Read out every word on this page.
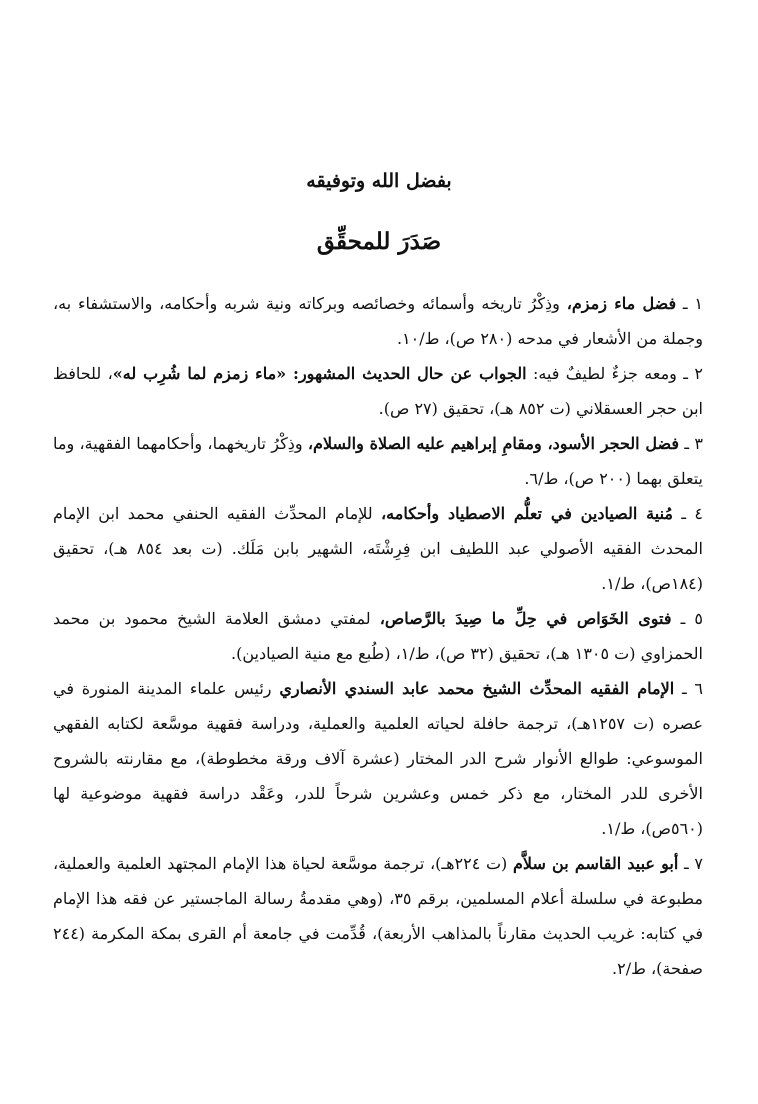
بفضل الله وتوفيقه
صَدَرَ للمحقِّق

١ ـ فضل ماء زمزم، وذِكْرُ تاريخه وأسمائه وخصائصه وبركاته ونية شربه وأحكامه، والاستشفاء به، وجملة من الأشعار في مدحه (٢٨٠ ص)، ط/١٠.

٢ ـ ومعه جزءٌ لطيفٌ فيه: الجواب عن حال الحديث المشهور: «ماء زمزم لما شُرِب له»، للحافظ ابن حجر العسقلاني (ت ٨٥٢ هـ)، تحقيق (٢٧ ص).

٣ ـ فضل الحجر الأسود، ومقامِ إبراهيم عليه الصلاة والسلام، وذِكْرُ تاريخهما، وأحكامهما الفقهية، وما يتعلق بهما (٢٠٠ ص)، ط/٦.

٤ ـ مُنية الصيادين في تعلُّم الاصطياد وأحكامه، للإمام المحدِّث الفقيه الحنفي محمد ابن الإمام المحدث الفقيه الأصولي عبد اللطيف ابن فِرِشْتَه، الشهير بابن مَلَك. (ت بعد ٨٥٤ هـ)، تحقيق (١٨٤ص)، ط/١.

٥ ـ فتوى الخَوَاص في حِلِّ ما صِيدَ بالرَّصاص، لمفتي دمشق العلامة الشيخ محمود بن محمد الحمزاوي (ت ١٣٠٥ هـ)، تحقيق (٣٢ ص)، ط/١، (طُبع مع منية الصيادين).

٦ ـ الإمام الفقيه المحدِّث الشيخ محمد عابد السندي الأنصاري رئيس علماء المدينة المنورة في عصره (ت ١٢٥٧هـ)، ترجمة حافلة لحياته العلمية والعملية، ودراسة فقهية موسَّعة لكتابه الفقهي الموسوعي: طوالع الأنوار شرح الدر المختار (عشرة آلاف ورقة مخطوطة)، مع مقارنته بالشروح الأخرى للدر المختار، مع ذكر خمس وعشرين شرحاً للدر، وعَقْد دراسة فقهية موضوعية لها (٥٦٠ص)، ط/١.

٧ ـ أبو عبيد القاسم بن سلاَّم (ت ٢٢٤هـ)، ترجمة موسَّعة لحياة هذا الإمام المجتهد العلمية والعملية، مطبوعة في سلسلة أعلام المسلمين، برقم ٣٥، (وهي مقدمةُ رسالة الماجستير عن فقه هذا الإمام في كتابه: غريب الحديث مقارناً بالمذاهب الأربعة)، قُدِّمت في جامعة أم القرى بمكة المكرمة (٢٤٤ صفحة)، ط/٢.
